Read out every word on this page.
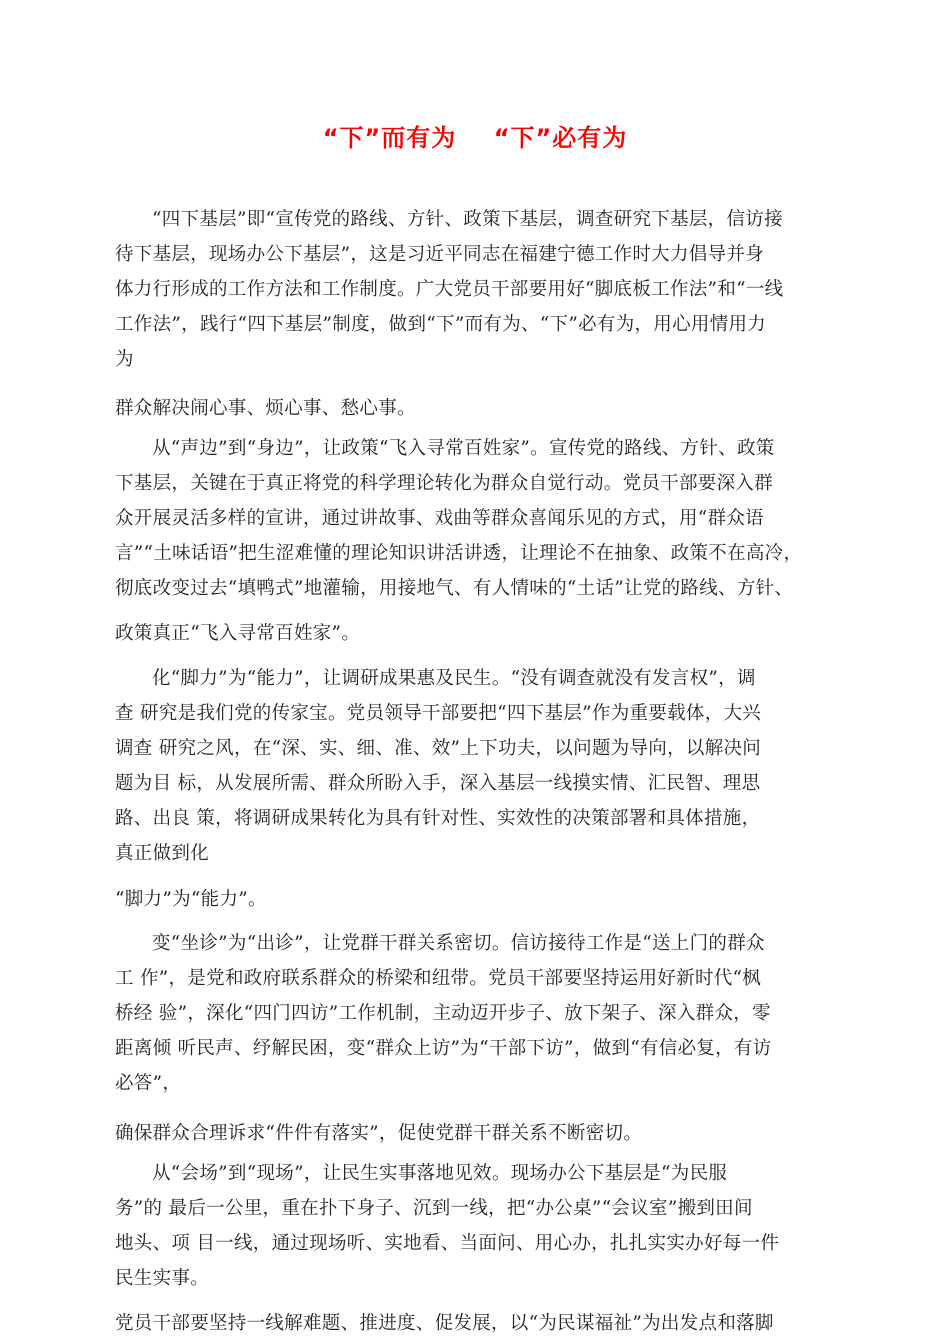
“下”而有为    “下”必有为
“四下基层”即“宣传党的路线、方针、政策下基层，调查研究下基层，信访接
待下基层，现场办公下基层”，这是习近平同志在福建宁德工作时大力倡导并身
体力行形成的工作方法和工作制度。广大党员干部要用好“脚底板工作法”和“一线
工作法”，践行“四下基层”制度，做到“下”而有为、“下”必有为，用心用情用力
为
群众解决闹心事、烦心事、愁心事。
从“声边”到“身边”，让政策“飞入寻常百姓家”。宣传党的路线、方针、政策
下基层，关键在于真正将党的科学理论转化为群众自觉行动。党员干部要深入群
众开展灵活多样的宣讲，通过讲故事、戏曲等群众喜闻乐见的方式，用“群众语
言”“土味话语”把生涩难懂的理论知识讲活讲透，让理论不在抽象、政策不在高冷，
彻底改变过去“填鸭式”地灌输，用接地气、有人情味的“土话”让党的路线、方针、
政策真正“飞入寻常百姓家”。
化“脚力”为“能力”，让调研成果惠及民生。“没有调查就没有发言权”，调
查 研究是我们党的传家宝。党员领导干部要把“四下基层”作为重要载体，大兴
调查 研究之风，在“深、实、细、准、效”上下功夫，以问题为导向，以解决问
题为目 标，从发展所需、群众所盼入手，深入基层一线摸实情、汇民智、理思
路、出良 策，将调研成果转化为具有针对性、实效性的决策部署和具体措施，
真正做到化
“脚力”为“能力”。
变“坐诊”为“出诊”，让党群干群关系密切。信访接待工作是“送上门的群众
工 作”，是党和政府联系群众的桥梁和纽带。党员干部要坚持运用好新时代“枫
桥经 验”，深化“四门四访”工作机制，主动迈开步子、放下架子、深入群众，零
距离倾 听民声、纾解民困，变“群众上访”为“干部下访”，做到“有信必复，有访
必答”，
确保群众合理诉求“件件有落实”，促使党群干群关系不断密切。
从“会场”到“现场”，让民生实事落地见效。现场办公下基层是“为民服
务”的 最后一公里，重在扑下身子、沉到一线，把“办公桌”“会议室”搬到田间
地头、项 目一线，通过现场听、实地看、当面问、用心办，扎扎实实办好每一件
民生实事。
党员干部要坚持一线解难题、推进度、促发展，以“为民谋福祉”为出发点和落脚
